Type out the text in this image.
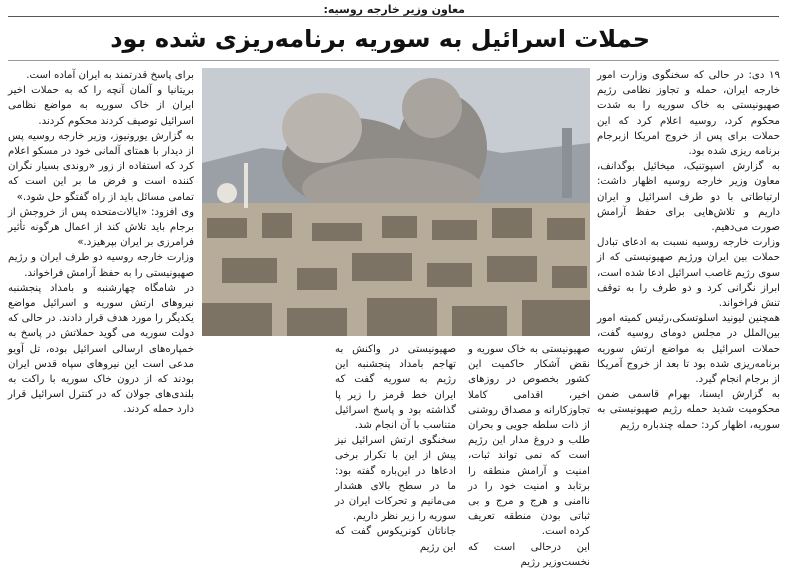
معاون وزیر خارجه روسیه:
حملات اسرائیل به سوریه برنامه‌ریزی شده بود

۱۹ دی: در حالی که سخنگوی وزارت امور خارجه ایران، حمله و تجاوز نظامی رژیم صهیونیستی به خاک سوریه را به شدت محکوم کرد، روسیه اعلام کرد که این حملات برای پس از خروج امریکا ازبرجام برنامه ریزی شده بود.

به گزارش اسپوتنیک، میخائیل بوگدانف، معاون وزیر خارجه روسیه اظهار داشت: ارتباطاتی با دو طرف اسرائیل و ایران داریم و تلاش‌هایی برای حفظ آرامش صورت می‌دهیم.

وزارت خارجه روسیه نسبت به ادعای تبادل حملات بین ایران ورژیم صهیونیستی که از سوی رژیم غاصب اسرائیل ادعا شده است، ابراز نگرانی کرد و دو طرف را به توقف تنش فراخواند.

همچنین لیونید اسلوتسکی،رئیس کمیته امور بین‌الملل در مجلس دومای روسیه گفت، حملات اسرائیل به مواضع ارتش سوریه برنامه‌ریزی شده بود تا بعد از خروج آمریکا از برجام انجام گیرد.

به گزارش ایسنا، بهرام قاسمی ضمن محکومیت شدید حمله رژیم صهیونیستی به سوریه، اظهار کرد: حمله چندباره رژیم

صهیونیستی به خاک سوریه و نقض آشکار حاکمیت این کشور بخصوص در روزهای اخیر، اقدامی کاملا تجاوزکارانه و مصداق روشنی از ذات سلطه جویی و بحران طلب و دروغ مدار این رژیم است که نمی تواند ثبات، امنیت و آرامش منطقه را برتابد و امنیت خود را در ناامنی و هرج و مرج و بی ثباتی بودن منطقه تعریف کرده است.

این درحالی است که نخست‌وزیر رژیم

صهیونیستی در واکنش به تهاجم بامداد پنجشنبه این رژیم به سوریه گفت که ایران خط قرمز را زیر پا گذاشته بود و پاسخ اسرائیل متناسب با آن انجام شد.

سخنگوی ارتش اسرائیل نیز پیش از این با تکرار برخی ادعاها در این‌باره گفته بود: ما در سطح بالای هشدار می‌مانیم و تحرکات ایران در سوریه را زیر نظر داریم.

جاناتان کونریکوس گفت که این رژیم

برای پاسخ قدرتمند به ایران آماده است.

بریتانیا و آلمان آنچه را که به حملات اخیر ایران از خاک سوریه به مواضع نظامی اسرائیل توصیف کردند محکوم کردند.

به گزارش یورونیوز، وزیر خارجه روسیه پس از دیدار با همتای آلمانی خود در مسکو اعلام کرد که استفاده از زور «روندی بسیار نگران کننده است و فرض ما بر این است که تمامی مسائل باید از راه گفتگو حل شود.»

وی افزود: «ایالات‌متحده پس از خروجش از برجام باید تلاش کند از اعمال هرگونه تأثیر فرامرزی بر ایران بپرهیزد.»

وزارت خارجه روسیه دو طرف ایران و رژیم صهیونیستی را به حفظ آرامش فراخواند.

در شامگاه چهارشنبه و بامداد پنجشنبه نیروهای ارتش سوریه و اسرائیل مواضع یکدیگر را مورد هدف قرار دادند. در حالی که دولت سوریه می گوید حملاتش در پاسخ به خمپاره‌های ارسالی اسرائیل بوده، تل آویو مدعی است این نیروهای سپاه قدس ایران بودند که از درون خاک سوریه با راکت به بلندی‌های جولان که در کنترل اسرائیل قرار دارد حمله کردند.
